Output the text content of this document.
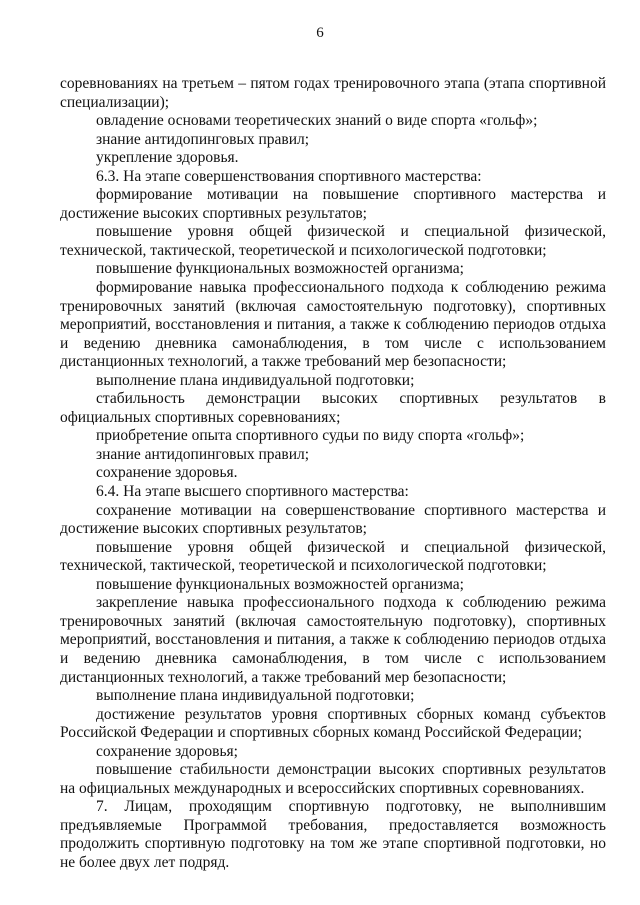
6

соревнованиях на третьем – пятом годах тренировочного этапа (этапа спортивной специализации);

овладение основами теоретических знаний о виде спорта «гольф»;

знание антидопинговых правил;

укрепление здоровья.

6.3. На этапе совершенствования спортивного мастерства:

формирование мотивации на повышение спортивного мастерства и достижение высоких спортивных результатов;

повышение уровня общей физической и специальной физической, технической, тактической, теоретической и психологической подготовки;

повышение функциональных возможностей организма;

формирование навыка профессионального подхода к соблюдению режима тренировочных занятий (включая самостоятельную подготовку), спортивных мероприятий, восстановления и питания, а также к соблюдению периодов отдыха и ведению дневника самонаблюдения, в том числе с использованием дистанционных технологий, а также требований мер безопасности;

выполнение плана индивидуальной подготовки;

стабильность демонстрации высоких спортивных результатов в официальных спортивных соревнованиях;

приобретение опыта спортивного судьи по виду спорта «гольф»;

знание антидопинговых правил;

сохранение здоровья.

6.4. На этапе высшего спортивного мастерства:

сохранение мотивации на совершенствование спортивного мастерства и достижение высоких спортивных результатов;

повышение уровня общей физической и специальной физической, технической, тактической, теоретической и психологической подготовки;

повышение функциональных возможностей организма;

закрепление навыка профессионального подхода к соблюдению режима тренировочных занятий (включая самостоятельную подготовку), спортивных мероприятий, восстановления и питания, а также к соблюдению периодов отдыха и ведению дневника самонаблюдения, в том числе с использованием дистанционных технологий, а также требований мер безопасности;

выполнение плана индивидуальной подготовки;

достижение результатов уровня спортивных сборных команд субъектов Российской Федерации и спортивных сборных команд Российской Федерации;

сохранение здоровья;

повышение стабильности демонстрации высоких спортивных результатов на официальных международных и всероссийских спортивных соревнованиях.

7. Лицам, проходящим спортивную подготовку, не выполнившим предъявляемые Программой требования, предоставляется возможность продолжить спортивную подготовку на том же этапе спортивной подготовки, но не более двух лет подряд.
